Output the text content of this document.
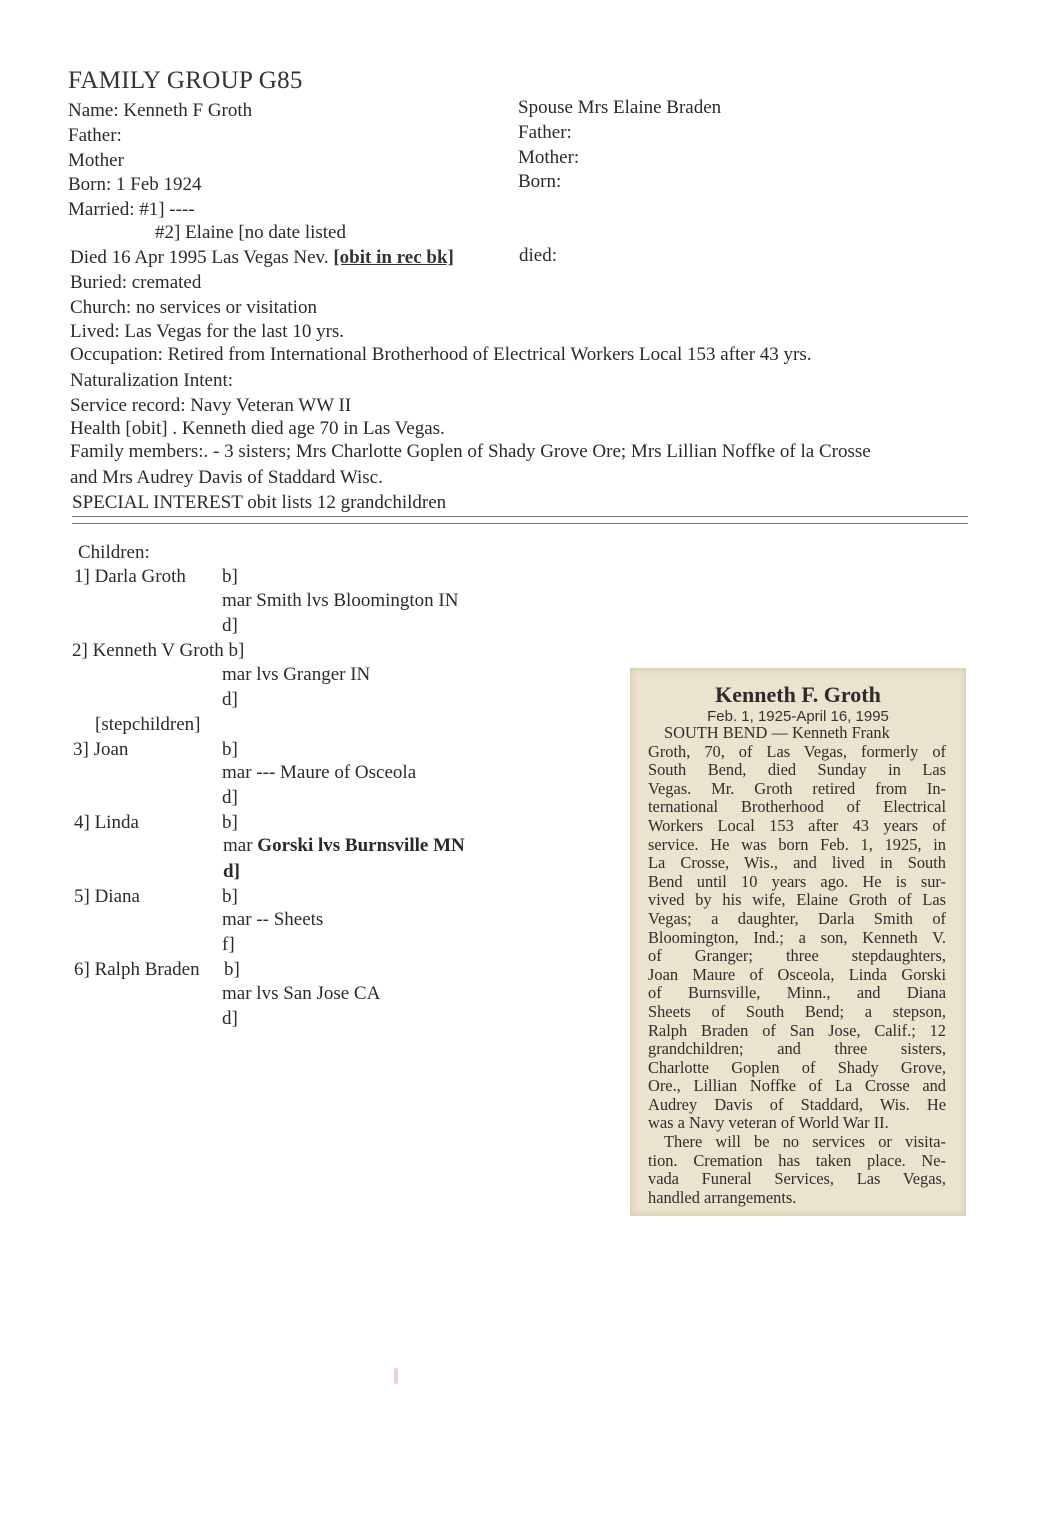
FAMILY GROUP G85
Name: Kenneth F Groth
Father:
Mother
Born: 1 Feb 1924
Married: #1] ----
#2] Elaine [no date listed
Died 16 Apr 1995 Las Vegas Nev. [obit in rec bk]
Buried: cremated
Church: no services or visitation
Lived: Las Vegas for the last 10 yrs.
Occupation: Retired from International Brotherhood of Electrical Workers Local 153 after 43 yrs.
Naturalization Intent:
Service record: Navy Veteran WW II
Health [obit] . Kenneth died age 70 in Las Vegas.
Family members:. - 3 sisters; Mrs Charlotte Goplen of Shady Grove Ore; Mrs Lillian Noffke of la Crosse
and Mrs Audrey Davis of Staddard Wisc.
SPECIAL INTEREST obit lists 12 grandchildren
Spouse Mrs Elaine Braden
Father:
Mother:
Born:
died:
Children:
1] Darla Groth b]
mar Smith lvs Bloomington IN
d]
2] Kenneth V Groth b]
mar lvs Granger IN
d]
[stepchildren]
3] Joan	b]
mar --- Maure of Osceola
d]
4] Linda	b]
mar Gorski lvs Burnsville MN
d]
5] Diana	b]
mar -- Sheets
f]
6] Ralph Braden b]
mar lvs San Jose CA
d]
Kenneth F. Groth
Feb. 1, 1925-April 16, 1995
SOUTH BEND — Kenneth Frank
Groth, 70, of Las Vegas, formerly of
South Bend, died Sunday in Las
Vegas. Mr. Groth retired from In-
ternational Brotherhood of Electrical
Workers Local 153 after 43 years of
service. He was born Feb. 1, 1925, in
La Crosse, Wis., and lived in South
Bend until 10 years ago. He is sur-
vived by his wife, Elaine Groth of Las
Vegas; a daughter, Darla Smith of
Bloomington, Ind.; a son, Kenneth V.
of Granger; three stepdaughters,
Joan Maure of Osceola, Linda Gorski
of Burnsville, Minn., and Diana
Sheets of South Bend; a stepson,
Ralph Braden of San Jose, Calif.; 12
grandchildren; and three sisters,
Charlotte Goplen of Shady Grove,
Ore., Lillian Noffke of La Crosse and
Audrey Davis of Staddard, Wis. He
was a Navy veteran of World War II.
There will be no services or visita-
tion. Cremation has taken place. Ne-
vada Funeral Services, Las Vegas,
handled arrangements.
